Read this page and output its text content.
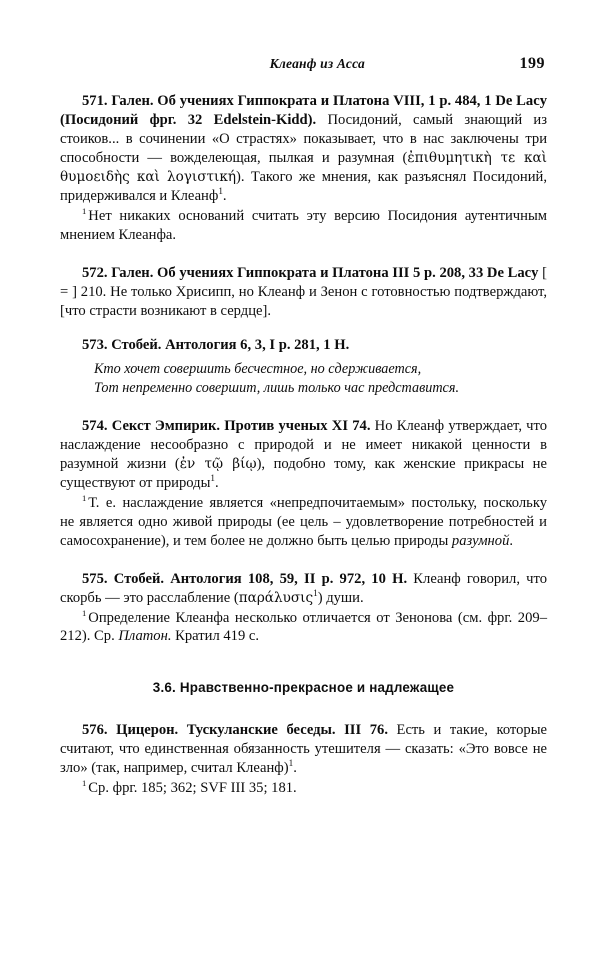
Клеанф из Асса	199

571. Гален. Об учениях Гиппократа и Платона VIII, 1 p. 484, 1 De Lacy (Посидоний фрг. 32 Edelstein-Kidd). Посидоний, самый знающий из стоиков... в сочинении «О страстях» показывает, что в нас заключены три способности — вожделеющая, пылкая и разумная (ἐπιθυμητικὴ τε καὶ θυμοειδὴς καὶ λογιστική). Такого же мнения, как разъяснял Посидоний, придерживался и Клеанф$^1$.

$^1$ Нет никаких оснований считать эту версию Посидония аутентичным мнением Клеанфа.

572. Гален. Об учениях Гиппократа и Платона III 5 p. 208, 33 De Lacy [ = ] 210. Не только Хрисипп, но Клеанф и Зенон с готовностью подтверждают, [что страсти возникают в сердце].

573. Стобей. Антология 6, 3, I p. 281, 1 H.

Кто хочет совершить бесчестное, но сдерживается,
Тот непременно совершит, лишь только час представится.

574. Секст Эмпирик. Против ученых XI 74. Но Клеанф утверждает, что наслаждение несообразно с природой и не имеет никакой ценности в разумной жизни (ἐν τῷ βίῳ), подобно тому, как женские прикрасы не существуют от природы$^1$.

$^1$ Т. е. наслаждение является «непредпочитаемым» постольку, поскольку не является одно живой природы (ее цель – удовлетворение потребностей и самосохранение), и тем более не должно быть целью природы разумной.

575. Стобей. Антология 108, 59, II p. 972, 10 H. Клеанф говорил, что скорбь — это расслабление (παράλυσις$^1$) души.

$^1$ Определение Клеанфа несколько отличается от Зенонова (см. фрг. 209–212). Ср. Платон. Кратил 419 c.

3.6. Нравственно-прекрасное и надлежащее

576. Цицерон. Тускуланские беседы. III 76. Есть и такие, которые считают, что единственная обязанность утешителя — сказать: «Это вовсе не зло» (так, например, считал Клеанф)$^1$.

$^1$ Ср. фрг. 185; 362; SVF III 35; 181.
